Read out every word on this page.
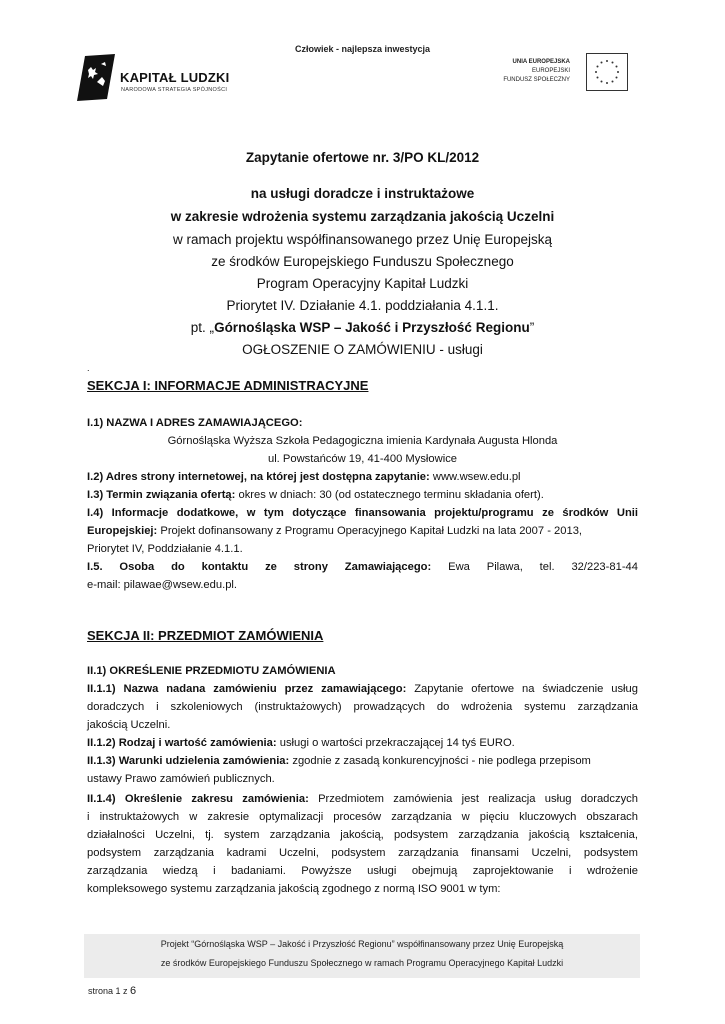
Człowiek - najlepsza inwestycja
KAPITAŁ LUDZKI
NARODOWA STRATEGIA SPÓJNOŚCI
UNIA EUROPEJSKA
EUROPEJSKI
FUNDUSZ SPOŁECZNY
Zapytanie ofertowe nr. 3/PO KL/2012
na usługi doradcze i instruktażowe
w zakresie wdrożenia systemu zarządzania jakością Uczelni
w ramach projektu współfinansowanego przez Unię Europejską
ze środków Europejskiego Funduszu Społecznego
Program Operacyjny Kapitał Ludzki
Priorytet IV. Działanie 4.1. poddziałania 4.1.1.
pt. „Górnośląska WSP – Jakość i Przyszłość Regionu”
OGŁOSZENIE O ZAMÓWIENIU - usługi
.
SEKCJA I: INFORMACJE ADMINISTRACYJNE
I.1) NAZWA I ADRES ZAMAWIAJĄCEGO:
Górnośląska Wyższa Szkoła Pedagogiczna imienia Kardynała Augusta Hlonda
ul. Powstańców 19, 41-400 Mysłowice
I.2) Adres strony internetowej, na której jest dostępna zapytanie: www.wsew.edu.pl
I.3) Termin związania ofertą: okres w dniach: 30 (od ostatecznego terminu składania ofert).
I.4) Informacje dodatkowe, w tym dotyczące finansowania projektu/programu ze środków Unii
Europejskiej: Projekt dofinansowany z Programu Operacyjnego Kapitał Ludzki na lata 2007 - 2013,
Priorytet IV, Poddziałanie 4.1.1.
I.5. Osoba do kontaktu ze strony Zamawiającego: Ewa Pilawa, tel. 32/223-81-44
e-mail: pilawae@wsew.edu.pl.
SEKCJA II: PRZEDMIOT ZAMÓWIENIA
II.1) OKREŚLENIE PRZEDMIOTU ZAMÓWIENIA
II.1.1) Nazwa nadana zamówieniu przez zamawiającego: Zapytanie ofertowe na świadczenie usług
doradczych i szkoleniowych (instruktażowych) prowadzących do wdrożenia systemu zarządzania
jakością Uczelni.
II.1.2) Rodzaj i wartość zamówienia: usługi o wartości przekraczającej 14 tyś EURO.
II.1.3) Warunki udzielenia zamówienia: zgodnie z zasadą konkurencyjności - nie podlega przepisom
ustawy Prawo zamówień publicznych.
II.1.4) Określenie zakresu zamówienia: Przedmiotem zamówienia jest realizacja usług doradczych
i instruktażowych w zakresie optymalizacji procesów zarządzania w pięciu kluczowych obszarach
działalności Uczelni, tj. system zarządzania jakością, podsystem zarządzania jakością kształcenia,
podsystem zarządzania kadrami Uczelni, podsystem zarządzania finansami Uczelni, podsystem
zarządzania wiedzą i badaniami. Powyższe usługi obejmują zaprojektowanie i wdrożenie
kompleksowego systemu zarządzania jakością zgodnego z normą ISO 9001 w tym:
Projekt “Górnośląska WSP – Jakość i Przyszłość Regionu” współfinansowany przez Unię Europejską
ze środków Europejskiego Funduszu Społecznego w ramach Programu Operacyjnego Kapitał Ludzki
strona 1 z 6
